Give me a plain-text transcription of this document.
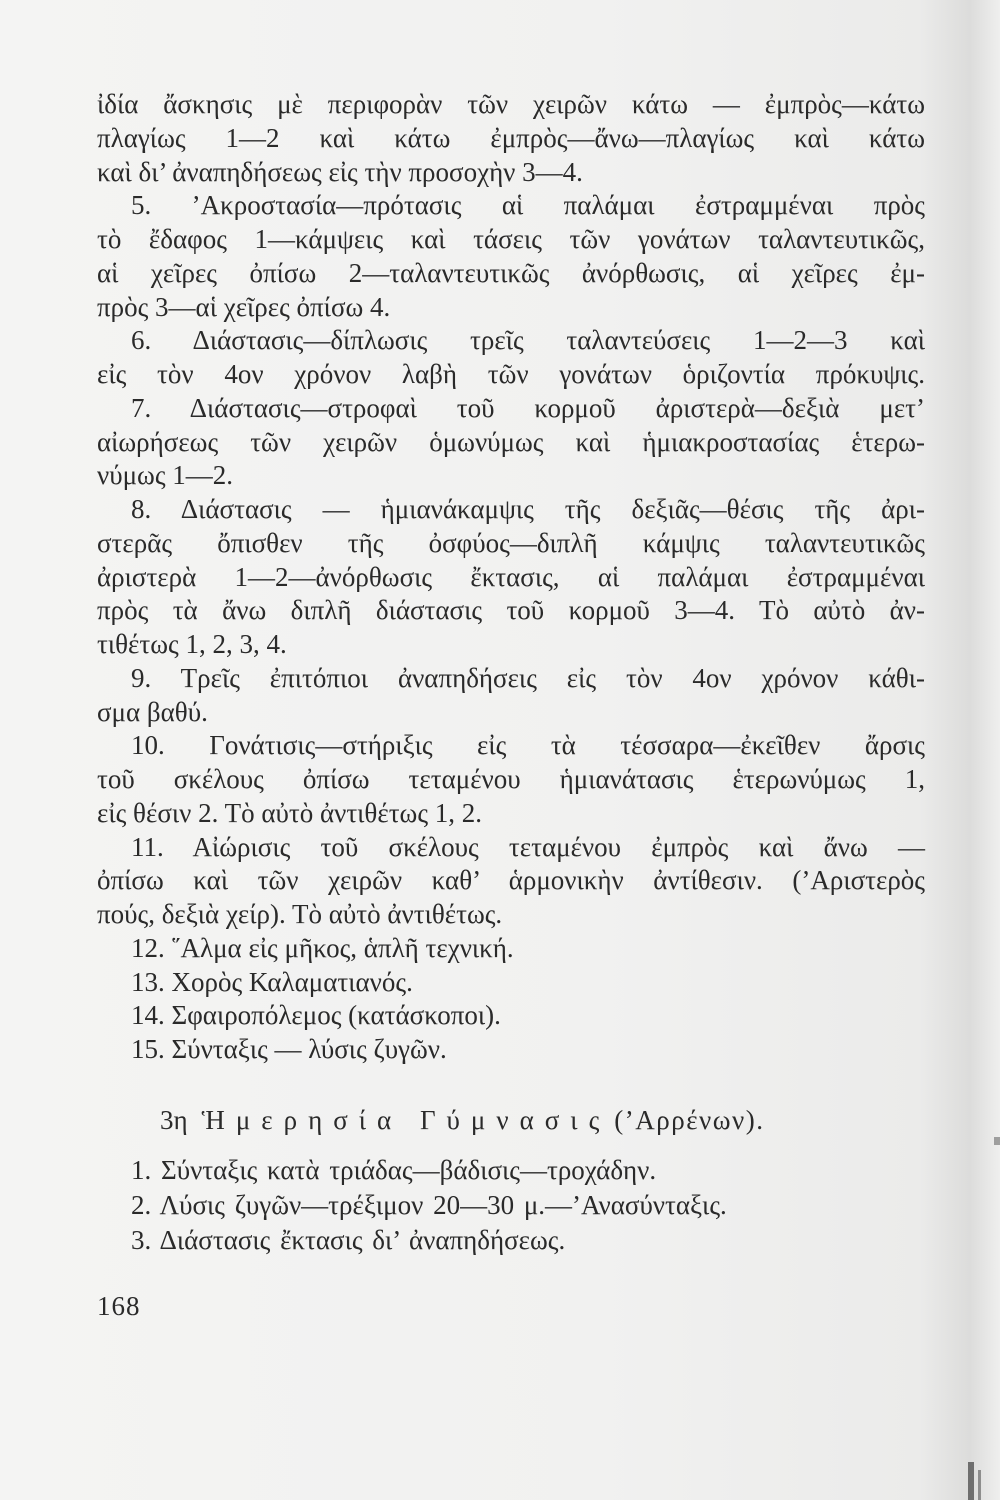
ἰδία ἄσκησις μὲ περιφορὰν τῶν χειρῶν κάτω — ἐμπρὸς—κάτω
πλαγίως 1—2 καὶ κάτω ἐμπρὸς—ἄνω—πλαγίως καὶ κάτω
καὶ δι’ ἀναπηδήσεως εἰς τὴν προσοχὴν 3—4.
5. ’Ακροστασία—πρότασις αἱ παλάμαι ἐστραμμέναι πρὸς
τὸ ἔδαφος 1—κάμψεις καὶ τάσεις τῶν γονάτων ταλαντευτικῶς,
αἱ χεῖρες ὀπίσω 2—ταλαντευτικῶς ἀνόρθωσις, αἱ χεῖρες ἐμ-
πρὸς 3—αἱ χεῖρες ὀπίσω 4.
6. Διάστασις—δίπλωσις τρεῖς ταλαντεύσεις 1—2—3 καὶ
εἰς τὸν 4ον χρόνον λαβὴ τῶν γονάτων ὁριζοντία πρόκυψις.
7. Διάστασις—στροφαὶ τοῦ κορμοῦ ἀριστερὰ—δεξιὰ μετ’
αἰωρήσεως τῶν χειρῶν ὁμωνύμως καὶ ἡμιακροστασίας ἑτερω-
νύμως 1—2.
8. Διάστασις — ἡμιανάκαμψις τῆς δεξιᾶς—θέσις τῆς ἀρι-
στερᾶς ὄπισθεν τῆς ὀσφύος—διπλῆ κάμψις ταλαντευτικῶς
ἀριστερὰ 1—2—ἀνόρθωσις ἔκτασις, αἱ παλάμαι ἐστραμμέναι
πρὸς τὰ ἄνω διπλῆ διάστασις τοῦ κορμοῦ 3—4. Τὸ αὐτὸ ἀν-
τιθέτως 1, 2, 3, 4.
9. Τρεῖς ἐπιτόπιοι ἀναπηδήσεις εἰς τὸν 4ον χρόνον κάθι-
σμα βαθύ.
10. Γονάτισις—στήριξις εἰς τὰ τέσσαρα—ἐκεῖθεν ἄρσις
τοῦ σκέλους ὀπίσω τεταμένου ἡμιανάτασις ἑτερωνύμως 1,
εἰς θέσιν 2. Τὸ αὐτὸ ἀντιθέτως 1, 2.
11. Αἰώρισις τοῦ σκέλους τεταμένου ἐμπρὸς καὶ ἄνω —
ὀπίσω καὶ τῶν χειρῶν καθ’ ἁρμονικὴν ἀντίθεσιν. (’Αριστερὸς
πούς, δεξιὰ χείρ). Τὸ αὐτὸ ἀντιθέτως.
12. ῞Αλμα εἰς μῆκος, ἁπλῆ τεχνική.
13. Χορὸς Καλαματιανός.
14. Σφαιροπόλεμος (κατάσκοποι).
15. Σύνταξις — λύσις ζυγῶν.
3η Ἡμερησία Γύμνασις (’Αρρένων).
1. Σύνταξις κατὰ τριάδας—βάδισις—τροχάδην.
2. Λύσις ζυγῶν—τρέξιμον 20—30 μ.—’Ανασύνταξις.
3. Διάστασις ἔκτασις δι’ ἀναπηδήσεως.
168
